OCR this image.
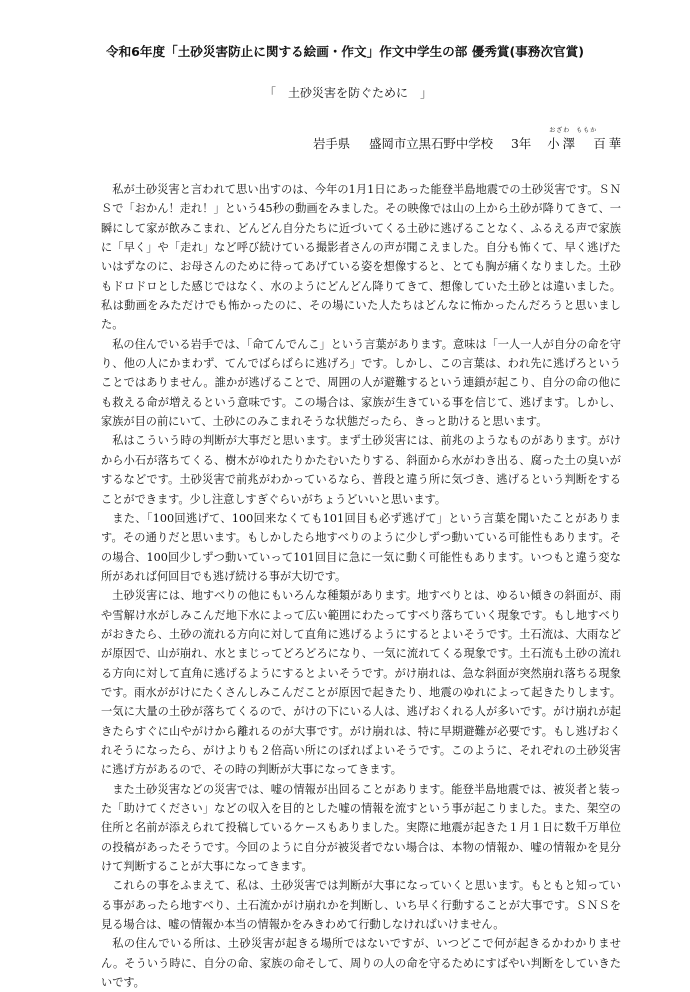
令和6年度「土砂災害防止に関する絵画・作文」作文中学生の部 優秀賞(事務次官賞)
「　土砂災害を防ぐために　」
岩手県 盛岡市立黒石野中学校 3年
おざわ ももか
小澤　百華

私が土砂災害と言われて思い出すのは、今年の1月1日にあった能登半島地震での土砂災害です。ＳＮＳで「おかん！走れ！」という45秒の動画をみました。その映像では山の上から土砂が降りてきて、一瞬にして家が飲みこまれ、どんどん自分たちに近づいてくる土砂に逃げることなく、ふるえる声で家族に「早く」や「走れ」など呼び続けている撮影者さんの声が聞こえました。自分も怖くて、早く逃げたいはずなのに、お母さんのために待ってあげている姿を想像すると、とても胸が痛くなりました。土砂もドロドロとした感じではなく、水のようにどんどん降りてきて、想像していた土砂とは違いました。私は動画をみただけでも怖かったのに、その場にいた人たちはどんなに怖かったんだろうと思いました。

私の住んでいる岩手では、「命てんでんこ」という言葉があります。意味は「一人一人が自分の命を守り、他の人にかまわず、てんでばらばらに逃げろ」です。しかし、この言葉は、われ先に逃げろということではありません。誰かが逃げることで、周囲の人が避難するという連鎖が起こり、自分の命の他にも救える命が増えるという意味です。この場合は、家族が生きている事を信じて、逃げます。しかし、家族が目の前にいて、土砂にのみこまれそうな状態だったら、きっと助けると思います。

私はこういう時の判断が大事だと思います。まず土砂災害には、前兆のようなものがあります。がけから小石が落ちてくる、樹木がゆれたりかたむいたりする、斜面から水がわき出る、腐った土の臭いがするなどです。土砂災害で前兆がわかっているなら、普段と違う所に気づき、逃げるという判断をすることができます。少し注意しすぎぐらいがちょうどいいと思います。

また、「100回逃げて、100回来なくても101回目も必ず逃げて」という言葉を聞いたことがあります。その通りだと思います。もしかしたら地すべりのように少しずつ動いている可能性もあります。その場合、100回少しずつ動いていって101回目に急に一気に動く可能性もあります。いつもと違う変な所があれば何回目でも逃げ続ける事が大切です。

土砂災害には、地すべりの他にもいろんな種類があります。地すべりとは、ゆるい傾きの斜面が、雨や雪解け水がしみこんだ地下水によって広い範囲にわたってすべり落ちていく現象です。もし地すべりがおきたら、土砂の流れる方向に対して直角に逃げるようにするとよいそうです。土石流は、大雨などが原因で、山が崩れ、水とまじってどろどろになり、一気に流れてくる現象です。土石流も土砂の流れる方向に対して直角に逃げるようにするとよいそうです。がけ崩れは、急な斜面が突然崩れ落ちる現象です。雨水ががけにたくさんしみこんだことが原因で起きたり、地震のゆれによって起きたりします。一気に大量の土砂が落ちてくるので、がけの下にいる人は、逃げおくれる人が多いです。がけ崩れが起きたらすぐに山やがけから離れるのが大事です。がけ崩れは、特に早期避難が必要です。もし逃げおくれそうになったら、がけよりも２倍高い所にのぼればよいそうです。このように、それぞれの土砂災害に逃げ方があるので、その時の判断が大事になってきます。

また土砂災害などの災害では、嘘の情報が出回ることがあります。能登半島地震では、被災者と装った「助けてください」などの収入を目的とした嘘の情報を流すという事が起こりました。また、架空の住所と名前が添えられて投稿しているケースもありました。実際に地震が起きた１月１日に数千万単位の投稿があったそうです。今回のように自分が被災者でない場合は、本物の情報か、嘘の情報かを見分けて判断することが大事になってきます。

これらの事をふまえて、私は、土砂災害では判断が大事になっていくと思います。もともと知っている事があったら地すべり、土石流かがけ崩れかを判断し、いち早く行動することが大事です。ＳＮＳを見る場合は、嘘の情報か本当の情報かをみきわめて行動しなければいけません。

私の住んでいる所は、土砂災害が起きる場所ではないですが、いつどこで何が起きるかわかりません。そういう時に、自分の命、家族の命そして、周りの人の命を守るためにすばやい判断をしていきたいです。
